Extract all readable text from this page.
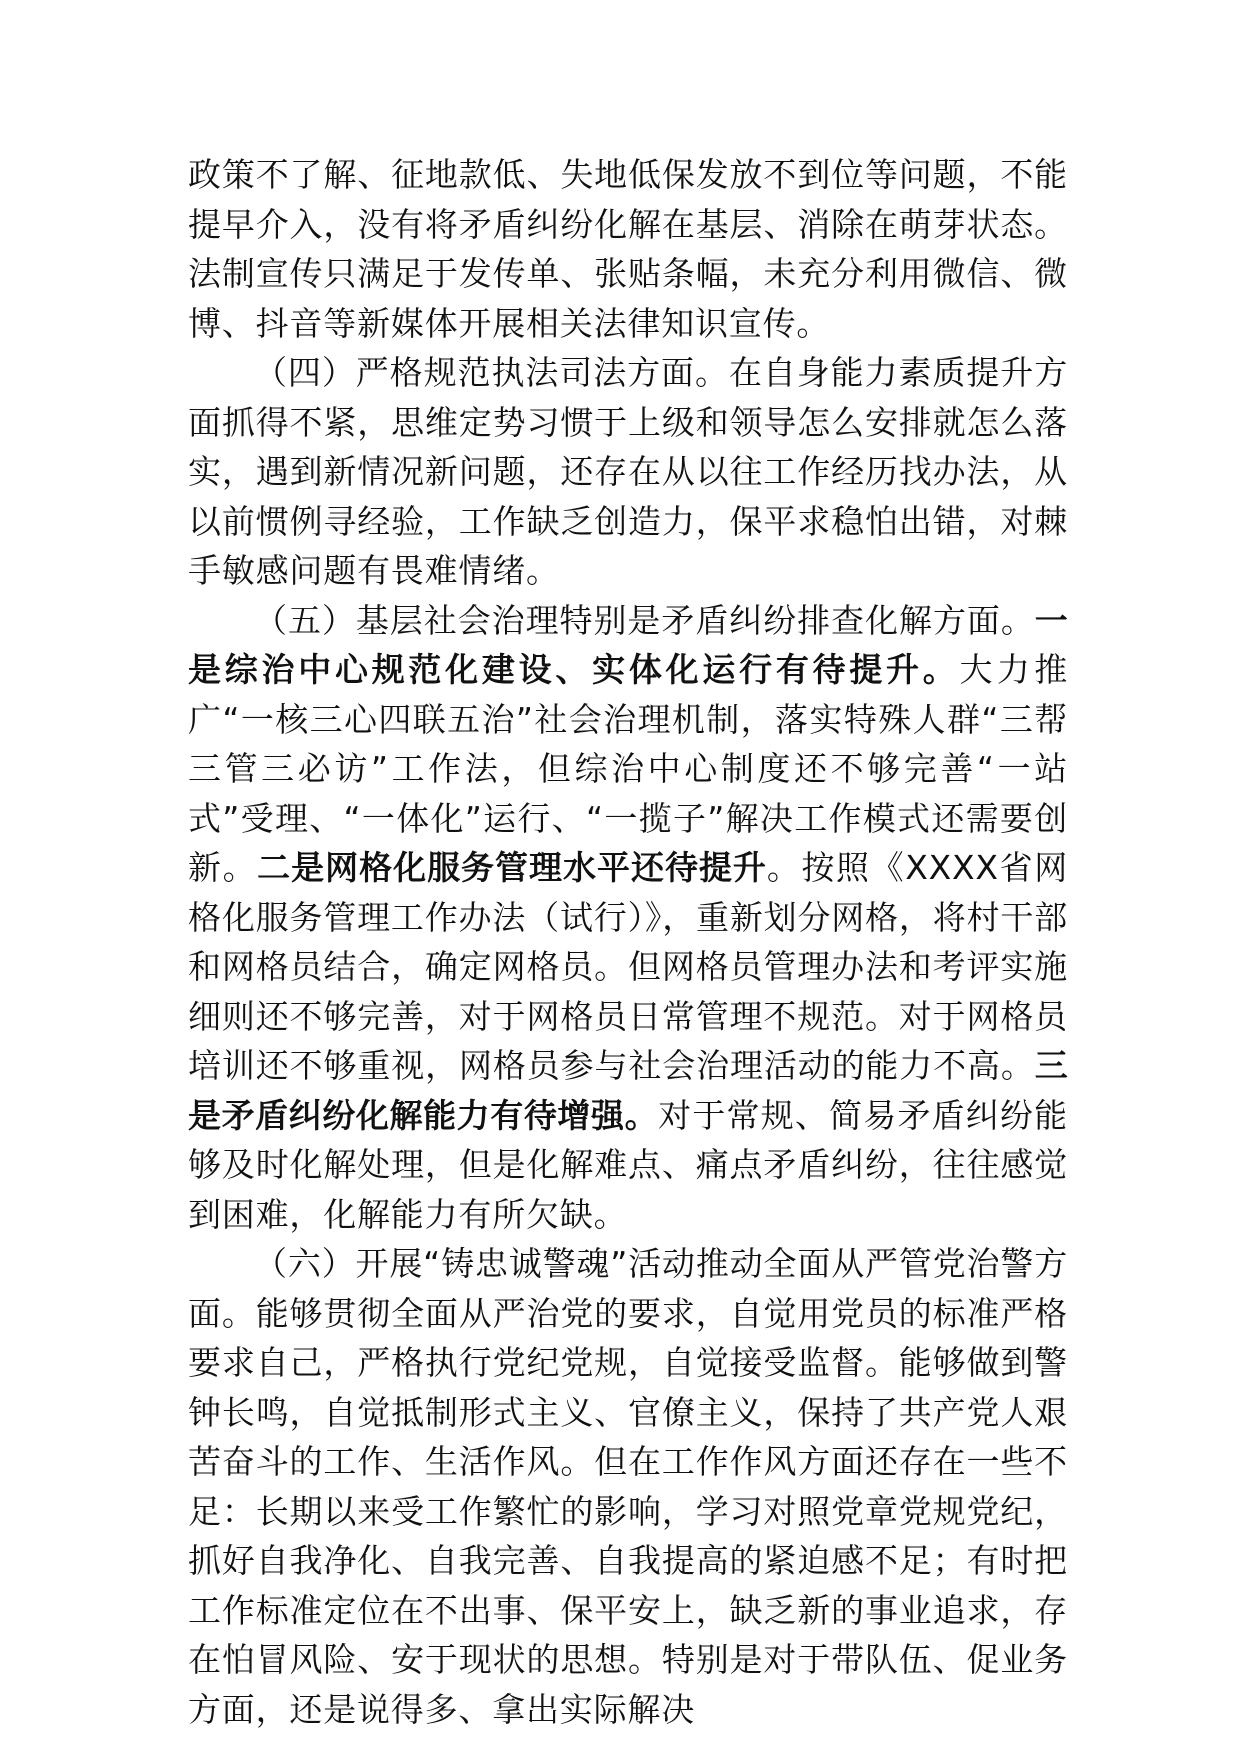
政策不了解、征地款低、失地低保发放不到位等问题，不能提早介入，没有将矛盾纠纷化解在基层、消除在萌芽状态。法制宣传只满足于发传单、张贴条幅，未充分利用微信、微博、抖音等新媒体开展相关法律知识宣传。

（四）严格规范执法司法方面。在自身能力素质提升方面抓得不紧，思维定势习惯于上级和领导怎么安排就怎么落实，遇到新情况新问题，还存在从以往工作经历找办法，从以前惯例寻经验，工作缺乏创造力，保平求稳怕出错，对棘手敏感问题有畏难情绪。

（五）基层社会治理特别是矛盾纠纷排查化解方面。一是综治中心规范化建设、实体化运行有待提升。大力推广“一核三心四联五治”社会治理机制，落实特殊人群“三帮三管三必访”工作法，但综治中心制度还不够完善“一站式”受理、“一体化”运行、“一揽子”解决工作模式还需要创新。二是网格化服务管理水平还待提升。按照《XXXX省网格化服务管理工作办法（试行）》，重新划分网格，将村干部和网格员结合，确定网格员。但网格员管理办法和考评实施细则还不够完善，对于网格员日常管理不规范。对于网格员培训还不够重视，网格员参与社会治理活动的能力不高。三是矛盾纠纷化解能力有待增强。对于常规、简易矛盾纠纷能够及时化解处理，但是化解难点、痛点矛盾纠纷，往往感觉到困难，化解能力有所欠缺。

（六）开展“铸忠诚警魂”活动推动全面从严管党治警方面。能够贯彻全面从严治党的要求，自觉用党员的标准严格要求自己，严格执行党纪党规，自觉接受监督。能够做到警钟长鸣，自觉抵制形式主义、官僚主义，保持了共产党人艰苦奋斗的工作、生活作风。但在工作作风方面还存在一些不足：长期以来受工作繁忙的影响，学习对照党章党规党纪，抓好自我净化、自我完善、自我提高的紧迫感不足；有时把工作标准定位在不出事、保平安上，缺乏新的事业追求，存在怕冒风险、安于现状的思想。特别是对于带队伍、促业务方面，还是说得多、拿出实际解决
